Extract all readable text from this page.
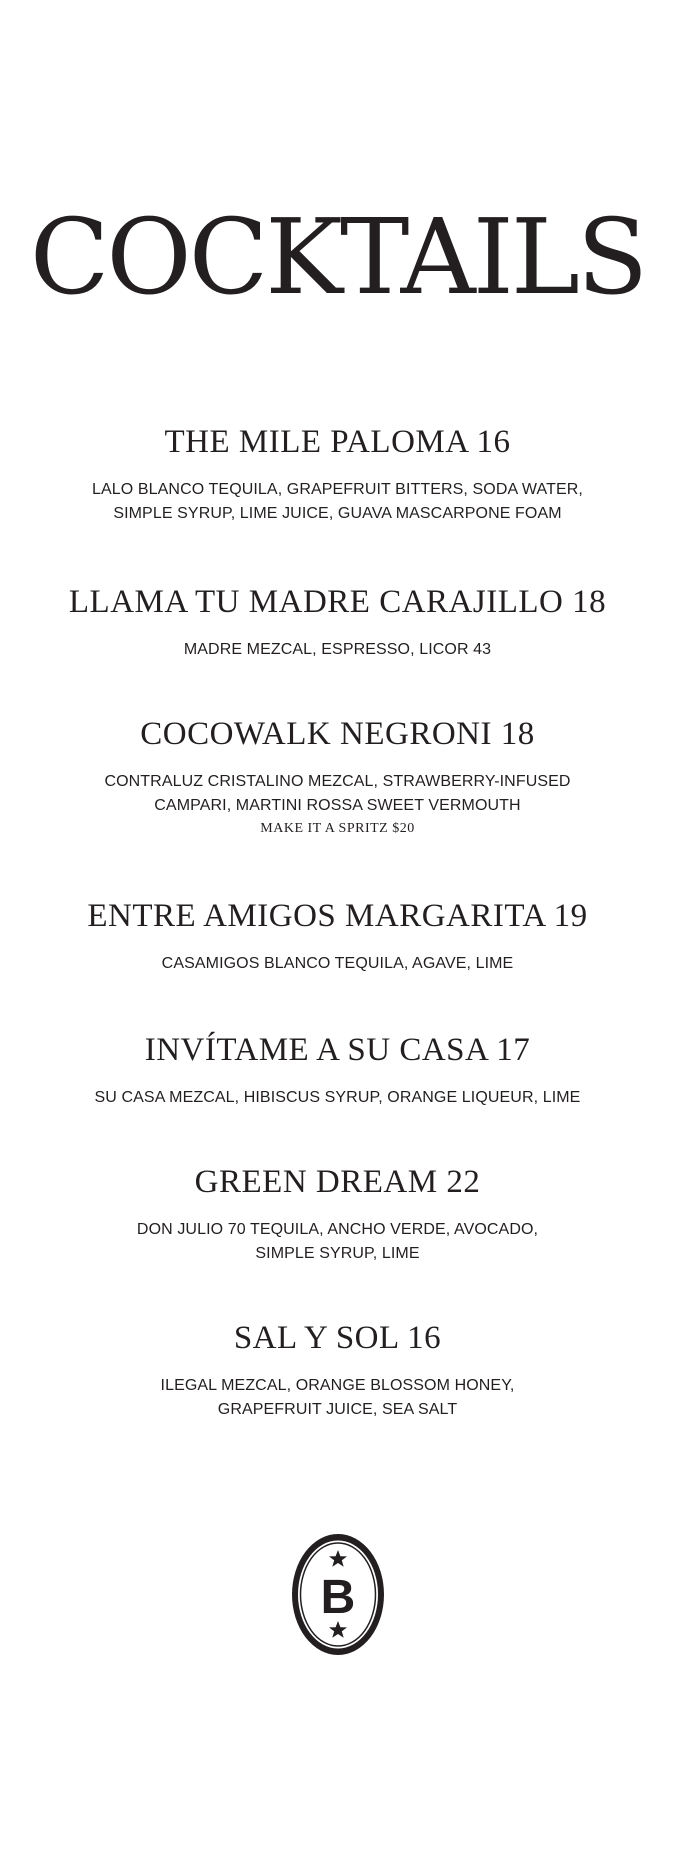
COCKTAILS

THE MILE PALOMA 16

LALO BLANCO TEQUILA, GRAPEFRUIT BITTERS, SODA WATER,
SIMPLE SYRUP, LIME JUICE, GUAVA MASCARPONE FOAM

LLAMA TU MADRE CARAJILLO 18

MADRE MEZCAL, ESPRESSO, LICOR 43

COCOWALK NEGRONI 18

CONTRALUZ CRISTALINO MEZCAL, STRAWBERRY-INFUSED
CAMPARI, MARTINI ROSSA SWEET VERMOUTH

MAKE IT A SPRITZ $20

ENTRE AMIGOS MARGARITA 19

CASAMIGOS BLANCO TEQUILA, AGAVE, LIME

INVÍTAME A SU CASA 17

SU CASA MEZCAL, HIBISCUS SYRUP, ORANGE LIQUEUR, LIME

GREEN DREAM 22

DON JULIO 70 TEQUILA, ANCHO VERDE, AVOCADO,
SIMPLE SYRUP, LIME

SAL Y SOL 16

ILEGAL MEZCAL, ORANGE BLOSSOM HONEY,
GRAPEFRUIT JUICE, SEA SALT

B
